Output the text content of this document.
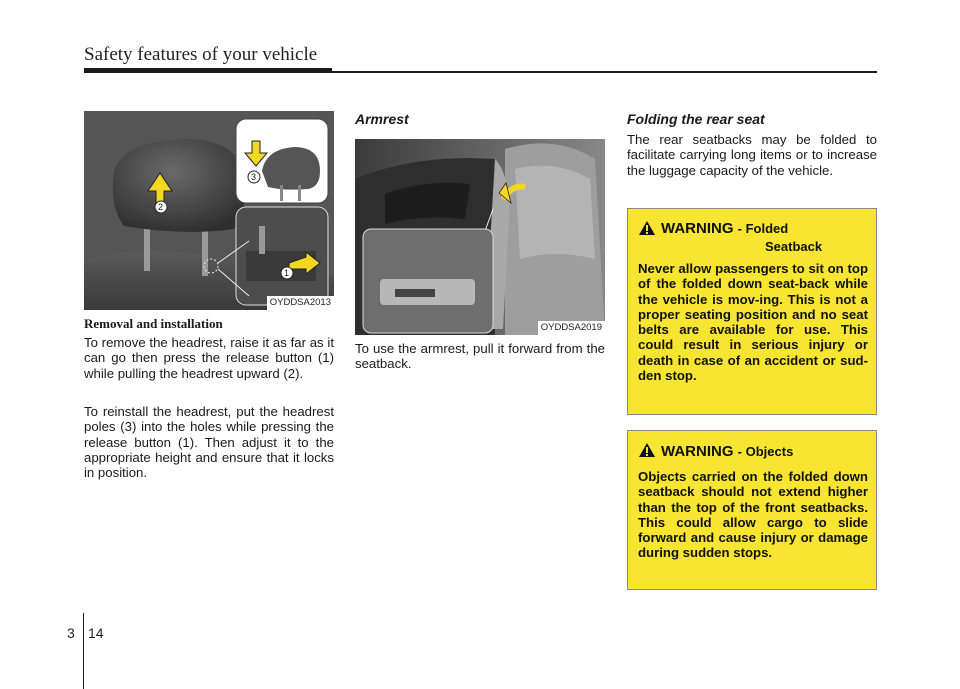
Safety features of your vehicle
2
3
1
OYDDSA2013
Removal and installation

To remove the headrest, raise it as far as it can go then press the release button (1) while pulling the headrest upward (2).

To reinstall the headrest, put the headrest poles (3) into the holes while pressing the release button (1). Then adjust it to the appropriate height and ensure that it locks in position.

Armrest
OYDDSA2019

To use the armrest, pull it forward from the seatback.

Folding the rear seat

The rear seatbacks may be folded to facilitate carrying long items or to increase the luggage capacity of the vehicle.

WARNING - Folded
Seatback

Never allow passengers to sit on top of the folded down seat-back while the vehicle is mov-ing. This is not a proper seating position and no seat belts are available for use. This could result in serious injury or death in case of an accident or sud-den stop.

WARNING - Objects

Objects carried on the folded down seatback should not extend higher than the top of the front seatbacks. This could allow cargo to slide forward and cause injury or damage during sudden stops.

3 14
